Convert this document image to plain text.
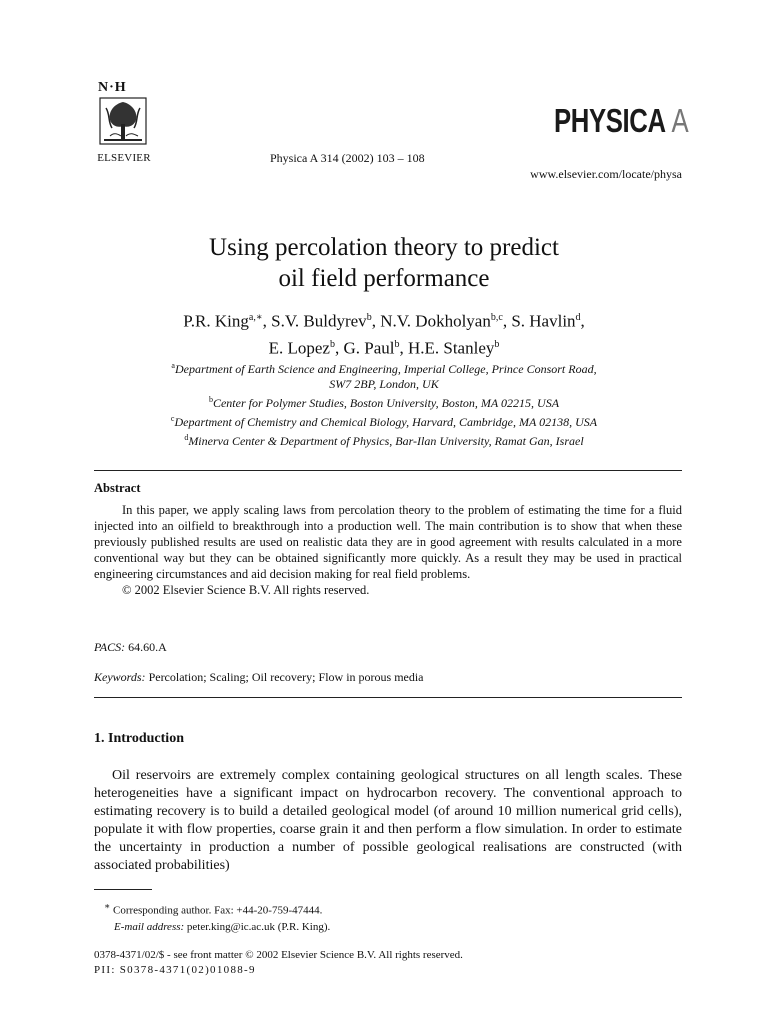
N·H
ELSEVIER	Physica A 314 (2002) 103 – 108
PHYSICA A
www.elsevier.com/locate/physa
Using percolation theory to predict
oil field performance
P.R. King$^{a,∗}$, S.V. Buldyrev$^b$, N.V. Dokholyan$^{b,c}$, S. Havlin$^d$,
E. Lopez$^b$, G. Paul$^b$, H.E. Stanley$^b$
$^a$Department of Earth Science and Engineering, Imperial College, Prince Consort Road,
SW7 2BP, London, UK
$^b$Center for Polymer Studies, Boston University, Boston, MA 02215, USA
$^c$Department of Chemistry and Chemical Biology, Harvard, Cambridge, MA 02138, USA
$^d$Minerva Center & Department of Physics, Bar-Ilan University, Ramat Gan, Israel
Abstract

In this paper, we apply scaling laws from percolation theory to the problem of estimating the time for a fluid injected into an oilfield to breakthrough into a production well. The main contribution is to show that when these previously published results are used on realistic data they are in good agreement with results calculated in a more conventional way but they can be obtained significantly more quickly. As a result they may be used in practical engineering circumstances and aid decision making for real field problems.

© 2002 Elsevier Science B.V. All rights reserved.

PACS: 64.60.A
Keywords: Percolation; Scaling; Oil recovery; Flow in porous media
1. Introduction

Oil reservoirs are extremely complex containing geological structures on all length scales. These heterogeneities have a significant impact on hydrocarbon recovery. The conventional approach to estimating recovery is to build a detailed geological model (of around 10 million numerical grid cells), populate it with flow properties, coarse grain it and then perform a flow simulation. In order to estimate the uncertainty in production a number of possible geological realisations are constructed (with associated probabilities)

∗ Corresponding author. Fax: +44-20-759-47444.
E-mail address: peter.king@ic.ac.uk (P.R. King).
0378-4371/02/$ - see front matter © 2002 Elsevier Science B.V. All rights reserved.
PII: S0378-4371(02)01088-9
